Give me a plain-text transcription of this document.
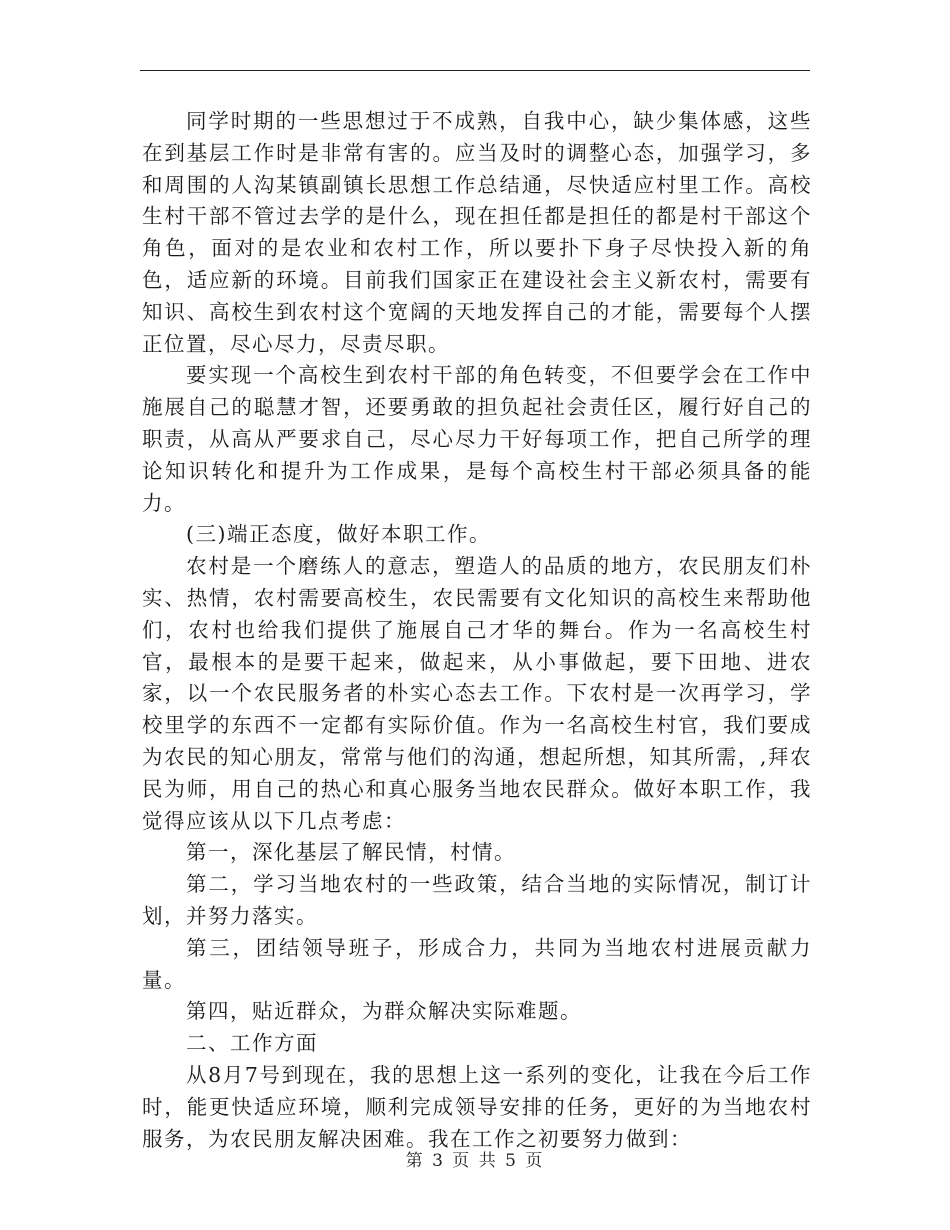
同学时期的一些思想过于不成熟，自我中心，缺少集体感，这些在到基层工作时是非常有害的。应当及时的调整心态，加强学习，多和周围的人沟某镇副镇长思想工作总结通，尽快适应村里工作。高校生村干部不管过去学的是什么，现在担任都是担任的都是村干部这个角色，面对的是农业和农村工作，所以要扑下身子尽快投入新的角色，适应新的环境。目前我们国家正在建设社会主义新农村，需要有知识、高校生到农村这个宽阔的天地发挥自己的才能，需要每个人摆正位置，尽心尽力，尽责尽职。

要实现一个高校生到农村干部的角色转变，不但要学会在工作中施展自己的聪慧才智，还要勇敢的担负起社会责任区，履行好自己的职责，从高从严要求自己，尽心尽力干好每项工作，把自己所学的理论知识转化和提升为工作成果，是每个高校生村干部必须具备的能力。

(三)端正态度，做好本职工作。

农村是一个磨练人的意志，塑造人的品质的地方，农民朋友们朴实、热情，农村需要高校生，农民需要有文化知识的高校生来帮助他们，农村也给我们提供了施展自己才华的舞台。作为一名高校生村官，最根本的是要干起来，做起来，从小事做起，要下田地、进农家，以一个农民服务者的朴实心态去工作。下农村是一次再学习，学校里学的东西不一定都有实际价值。作为一名高校生村官，我们要成为农民的知心朋友，常常与他们的沟通，想起所想，知其所需，,拜农民为师，用自己的热心和真心服务当地农民群众。做好本职工作，我觉得应该从以下几点考虑：

第一，深化基层了解民情，村情。

第二，学习当地农村的一些政策，结合当地的实际情况，制订计划，并努力落实。

第三，团结领导班子，形成合力，共同为当地农村进展贡献力量。

第四，贴近群众，为群众解决实际难题。

二、工作方面

从8月7号到现在，我的思想上这一系列的变化，让我在今后工作时，能更快适应环境，顺利完成领导安排的任务，更好的为当地农村服务，为农民朋友解决困难。我在工作之初要努力做到：

第 3 页 共 5 页
